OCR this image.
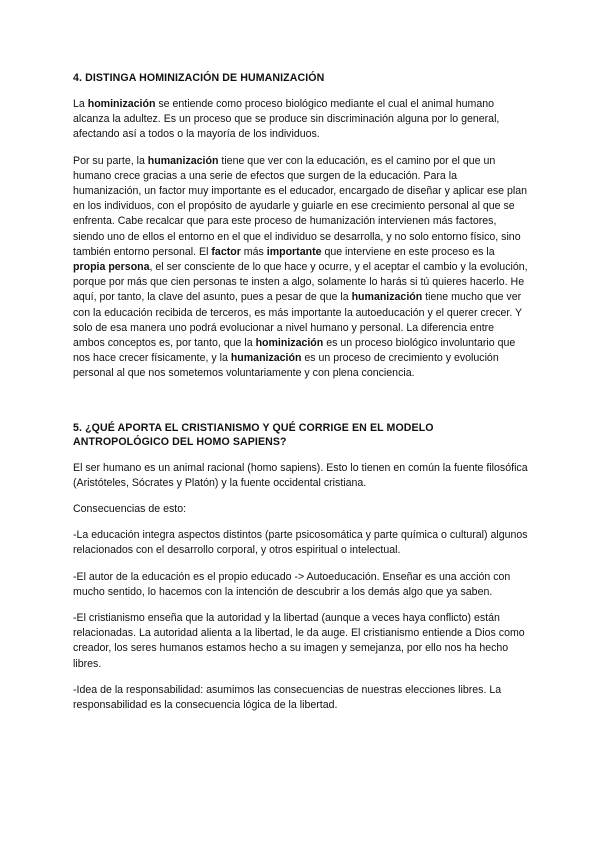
4. DISTINGA HOMINIZACIÓN DE HUMANIZACIÓN

La hominización se entiende como proceso biológico mediante el cual el animal humano alcanza la adultez. Es un proceso que se produce sin discriminación alguna por lo general, afectando así a todos o la mayoría de los individuos.

Por su parte, la humanización tiene que ver con la educación, es el camino por el que un humano crece gracias a una serie de efectos que surgen de la educación. Para la humanización, un factor muy importante es el educador, encargado de diseñar y aplicar ese plan en los individuos, con el propósito de ayudarle y guiarle en ese crecimiento personal al que se enfrenta. Cabe recalcar que para este proceso de humanización intervienen más factores, siendo uno de ellos el entorno en el que el individuo se desarrolla, y no solo entorno físico, sino también entorno personal. El factor más importante que interviene en este proceso es la propia persona, el ser consciente de lo que hace y ocurre, y el aceptar el cambio y la evolución, porque por más que cien personas te insten a algo, solamente lo harás si tú quieres hacerlo. He aquí, por tanto, la clave del asunto, pues a pesar de que la humanización tiene mucho que ver con la educación recibida de terceros, es más importante la autoeducación y el querer crecer. Y solo de esa manera uno podrá evolucionar a nivel humano y personal. La diferencia entre ambos conceptos es, por tanto, que la hominización es un proceso biológico involuntario que nos hace crecer físicamente, y la humanización es un proceso de crecimiento y evolución personal al que nos sometemos voluntariamente y con plena conciencia.

5. ¿QUÉ APORTA EL CRISTIANISMO Y QUÉ CORRIGE EN EL MODELO ANTROPOLÓGICO DEL HOMO SAPIENS?

El ser humano es un animal racional (homo sapiens). Esto lo tienen en común la fuente filosófica (Aristóteles, Sócrates y Platón) y la fuente occidental cristiana.

Consecuencias de esto:

-La educación integra aspectos distintos (parte psicosomática y parte química o cultural) algunos relacionados con el desarrollo corporal, y otros espiritual o intelectual.

-El autor de la educación es el propio educado -> Autoeducación. Enseñar es una acción con mucho sentido, lo hacemos con la intención de descubrir a los demás algo que ya saben.

-El cristianismo enseña que la autoridad y la libertad (aunque a veces haya conflicto) están relacionadas. La autoridad alienta a la libertad, le da auge. El cristianismo entiende a Dios como creador, los seres humanos estamos hecho a su imagen y semejanza, por ello nos ha hecho libres.

-Idea de la responsabilidad: asumimos las consecuencias de nuestras elecciones libres. La responsabilidad es la consecuencia lógica de la libertad.
